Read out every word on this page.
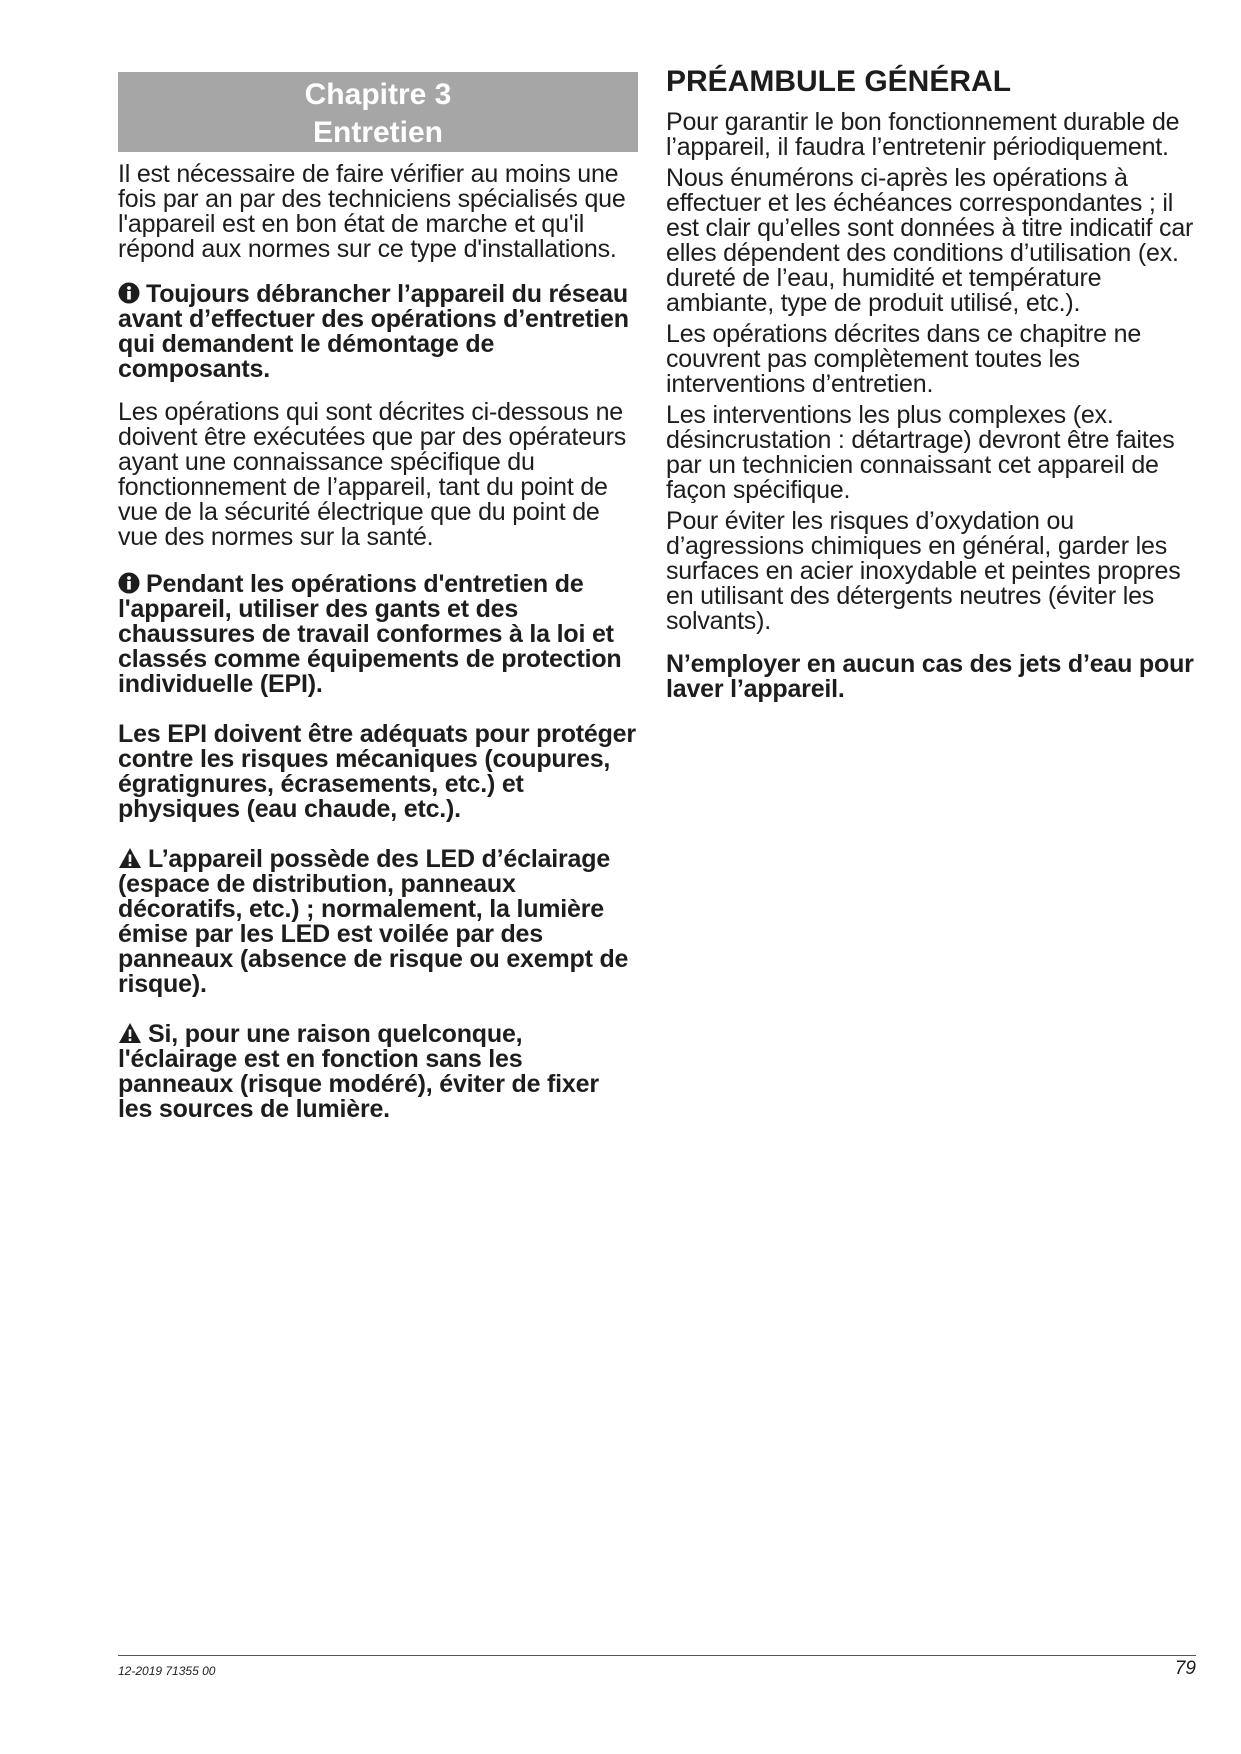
Chapitre 3
Entretien

Il est nécessaire de faire vérifier au moins une fois par an par des techniciens spécialisés que l'appareil est en bon état de marche et qu'il répond aux normes sur ce type d'installations.

Toujours débrancher l’appareil du réseau avant d’effectuer des opérations d’entretien qui demandent le démontage de composants.

Les opérations qui sont décrites ci-dessous ne doivent être exécutées que par des opérateurs ayant une connaissance spécifique du fonctionnement de l’appareil, tant du point de vue de la sécurité électrique que du point de vue des normes sur la santé.

Pendant les opérations d'entretien de l'appareil, utiliser des gants et des chaussures de travail conformes à la loi et classés comme équipements de protection individuelle (EPI).

Les EPI doivent être adéquats pour protéger contre les risques mécaniques (coupures, égratignures, écrasements, etc.) et physiques (eau chaude, etc.).

L’appareil possède des LED d’éclairage (espace de distribution, panneaux décoratifs, etc.) ; normalement, la lumière émise par les LED est voilée par des panneaux (absence de risque ou exempt de risque).

Si, pour une raison quelconque, l'éclairage est en fonction sans les panneaux (risque modéré), éviter de fixer les sources de lumière.

PRÉAMBULE GÉNÉRAL

Pour garantir le bon fonctionnement durable de l’appareil, il faudra l’entretenir périodiquement.

Nous énumérons ci-après les opérations à effectuer et les échéances correspondantes ; il est clair qu’elles sont données à titre indicatif car elles dépendent des conditions d’utilisation (ex. dureté de l’eau, humidité et température ambiante, type de produit utilisé, etc.).

Les opérations décrites dans ce chapitre ne couvrent pas complètement toutes les interventions d’entretien.

Les interventions les plus complexes (ex. désincrustation : détartrage) devront être faites par un technicien connaissant cet appareil de façon spécifique.

Pour éviter les risques d’oxydation ou d’agressions chimiques en général, garder les surfaces en acier inoxydable et peintes propres en utilisant des détergents neutres (éviter les solvants).

N’employer en aucun cas des jets d’eau pour laver l’appareil.

12-2019 71355 00	79
